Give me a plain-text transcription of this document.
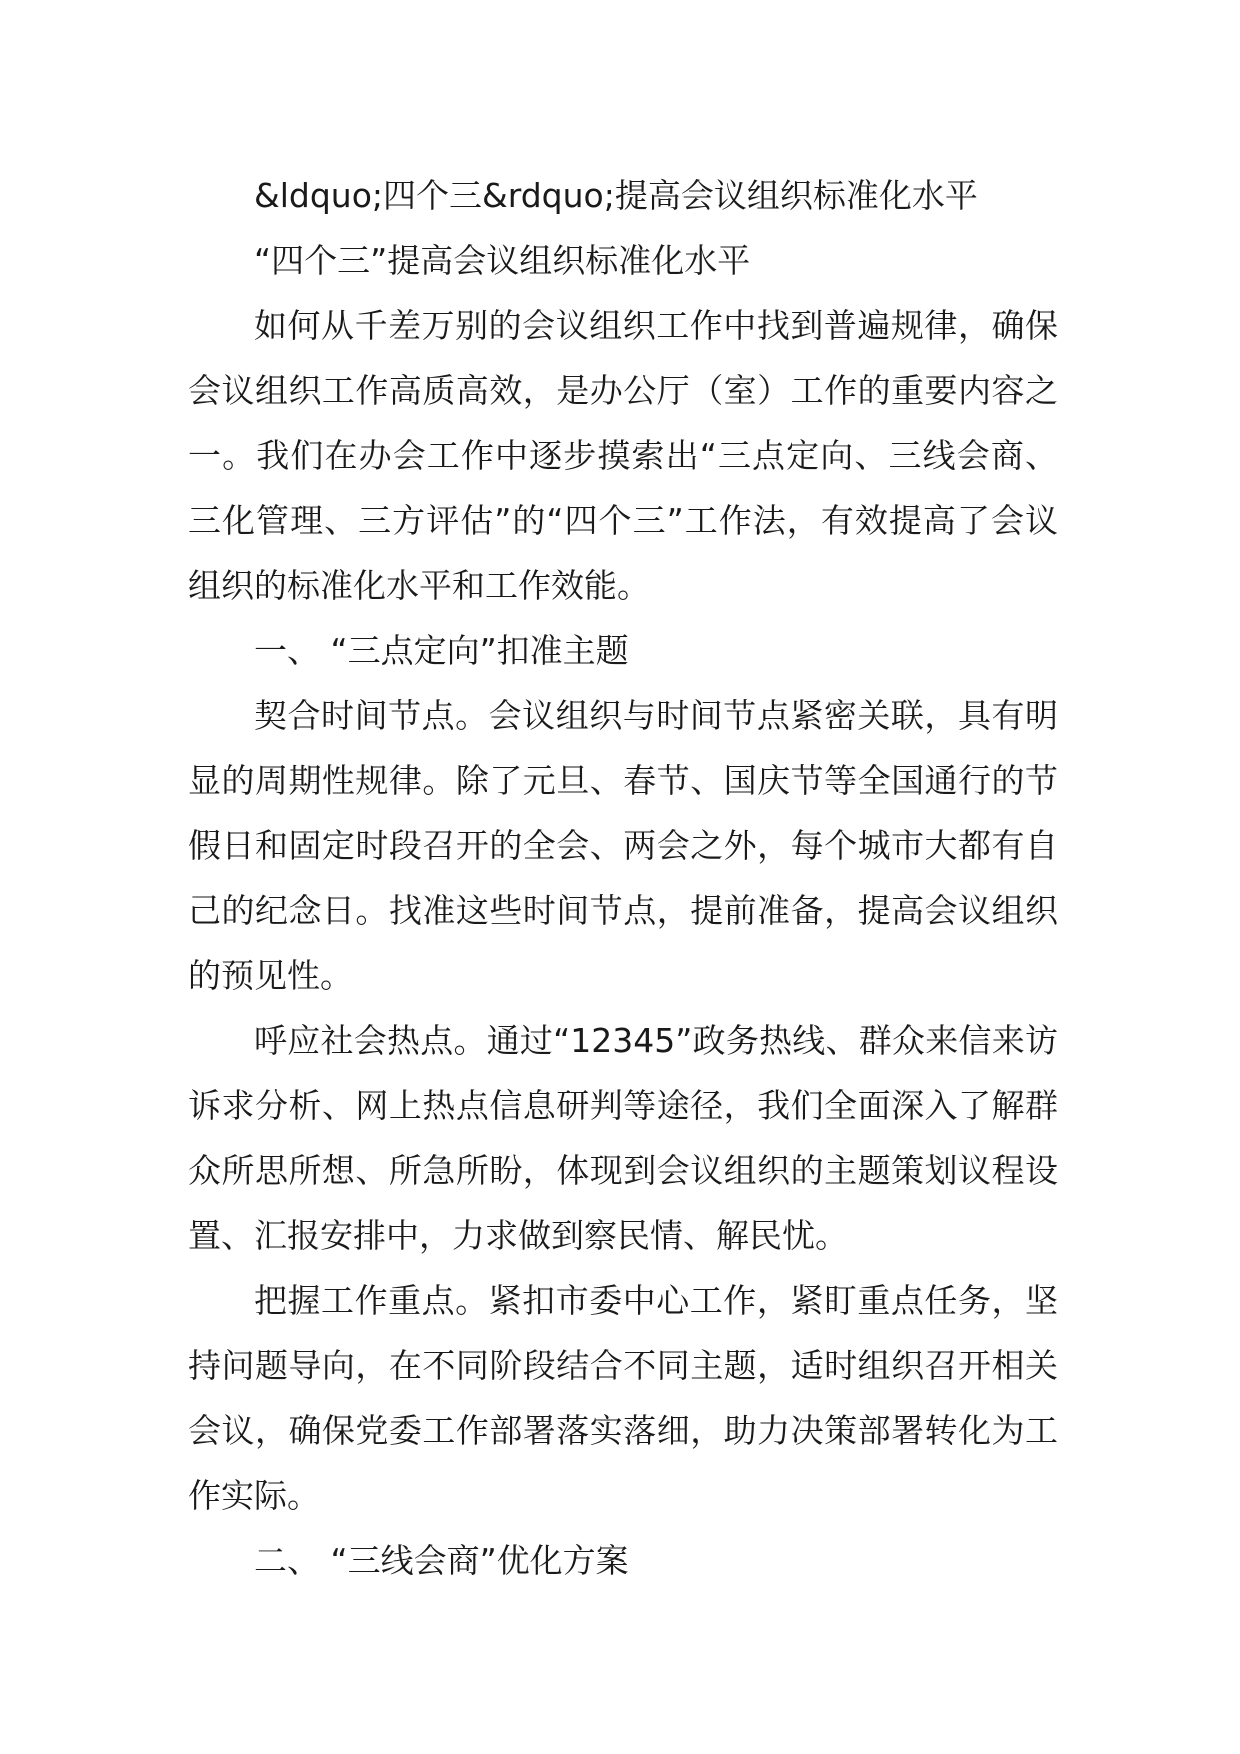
&ldquo;四个三&rdquo;提高会议组织标准化水平

“四个三”提高会议组织标准化水平

如何从千差万别的会议组织工作中找到普遍规律，确保会议组织工作高质高效，是办公厅（室）工作的重要内容之一。我们在办会工作中逐步摸索出“三点定向、三线会商、三化管理、三方评估”的“四个三”工作法，有效提高了会议组织的标准化水平和工作效能。

一、 “三点定向”扣准主题

契合时间节点。会议组织与时间节点紧密关联，具有明显的周期性规律。除了元旦、春节、国庆节等全国通行的节假日和固定时段召开的全会、两会之外，每个城市大都有自己的纪念日。找准这些时间节点，提前准备，提高会议组织的预见性。

呼应社会热点。通过“12345”政务热线、群众来信来访诉求分析、网上热点信息研判等途径，我们全面深入了解群众所思所想、所急所盼，体现到会议组织的主题策划议程设置、汇报安排中，力求做到察民情、解民忧。

把握工作重点。紧扣市委中心工作，紧盯重点任务，坚持问题导向，在不同阶段结合不同主题，适时组织召开相关会议，确保党委工作部署落实落细，助力决策部署转化为工作实际。

二、 “三线会商”优化方案
